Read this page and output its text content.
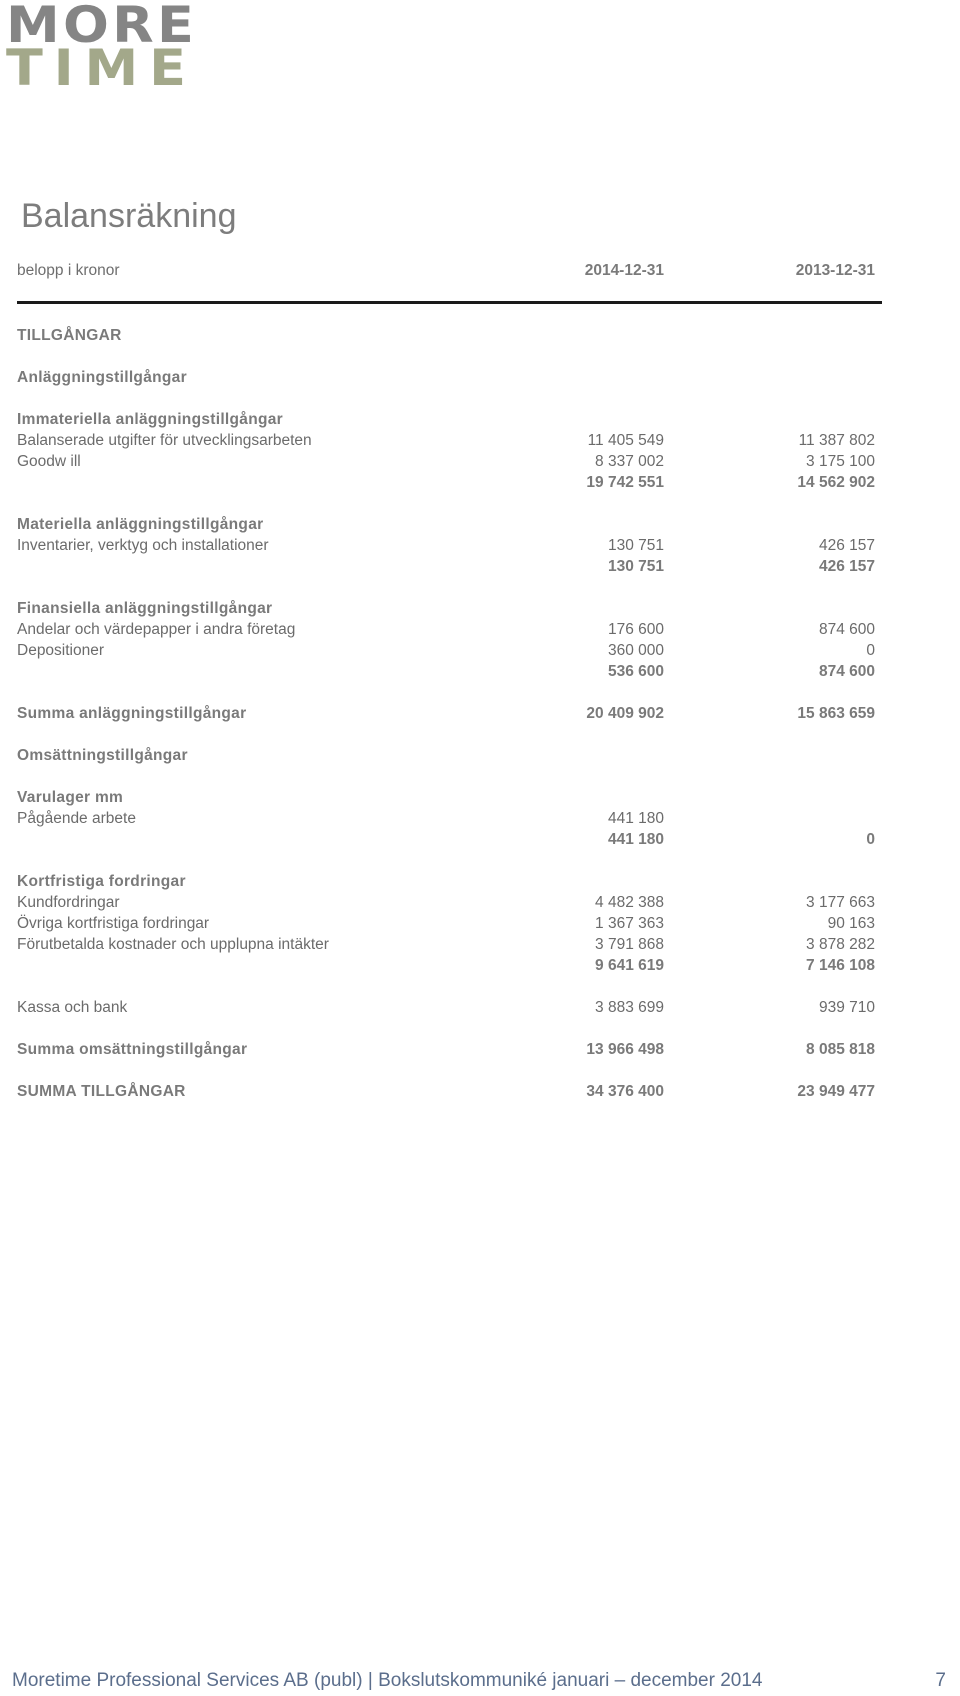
MORE
TIME
Balansräkning
belopp i kronor	2014-12-31	2013-12-31
TILLGÅNGAR
Anläggningstillgångar
Immateriella anläggningstillgångar
Balanserade utgifter för utvecklingsarbeten	11 405 549	11 387 802
Goodw ill	8 337 002	3 175 100
19 742 551	14 562 902
Materiella anläggningstillgångar
Inventarier, verktyg och installationer	130 751	426 157
130 751	426 157
Finansiella anläggningstillgångar
Andelar och värdepapper i andra företag	176 600	874 600
Depositioner	360 000	0
536 600	874 600
Summa anläggningstillgångar	20 409 902	15 863 659
Omsättningstillgångar
Varulager mm
Pågående arbete	441 180
441 180	0
Kortfristiga fordringar
Kundfordringar	4 482 388	3 177 663
Övriga kortfristiga fordringar	1 367 363	90 163
Förutbetalda kostnader och upplupna intäkter	3 791 868	3 878 282
9 641 619	7 146 108
Kassa och bank	3 883 699	939 710
Summa omsättningstillgångar	13 966 498	8 085 818
SUMMA TILLGÅNGAR	34 376 400	23 949 477
Moretime Professional Services AB (publ) | Bokslutskommuniké januari – december 2014	7
